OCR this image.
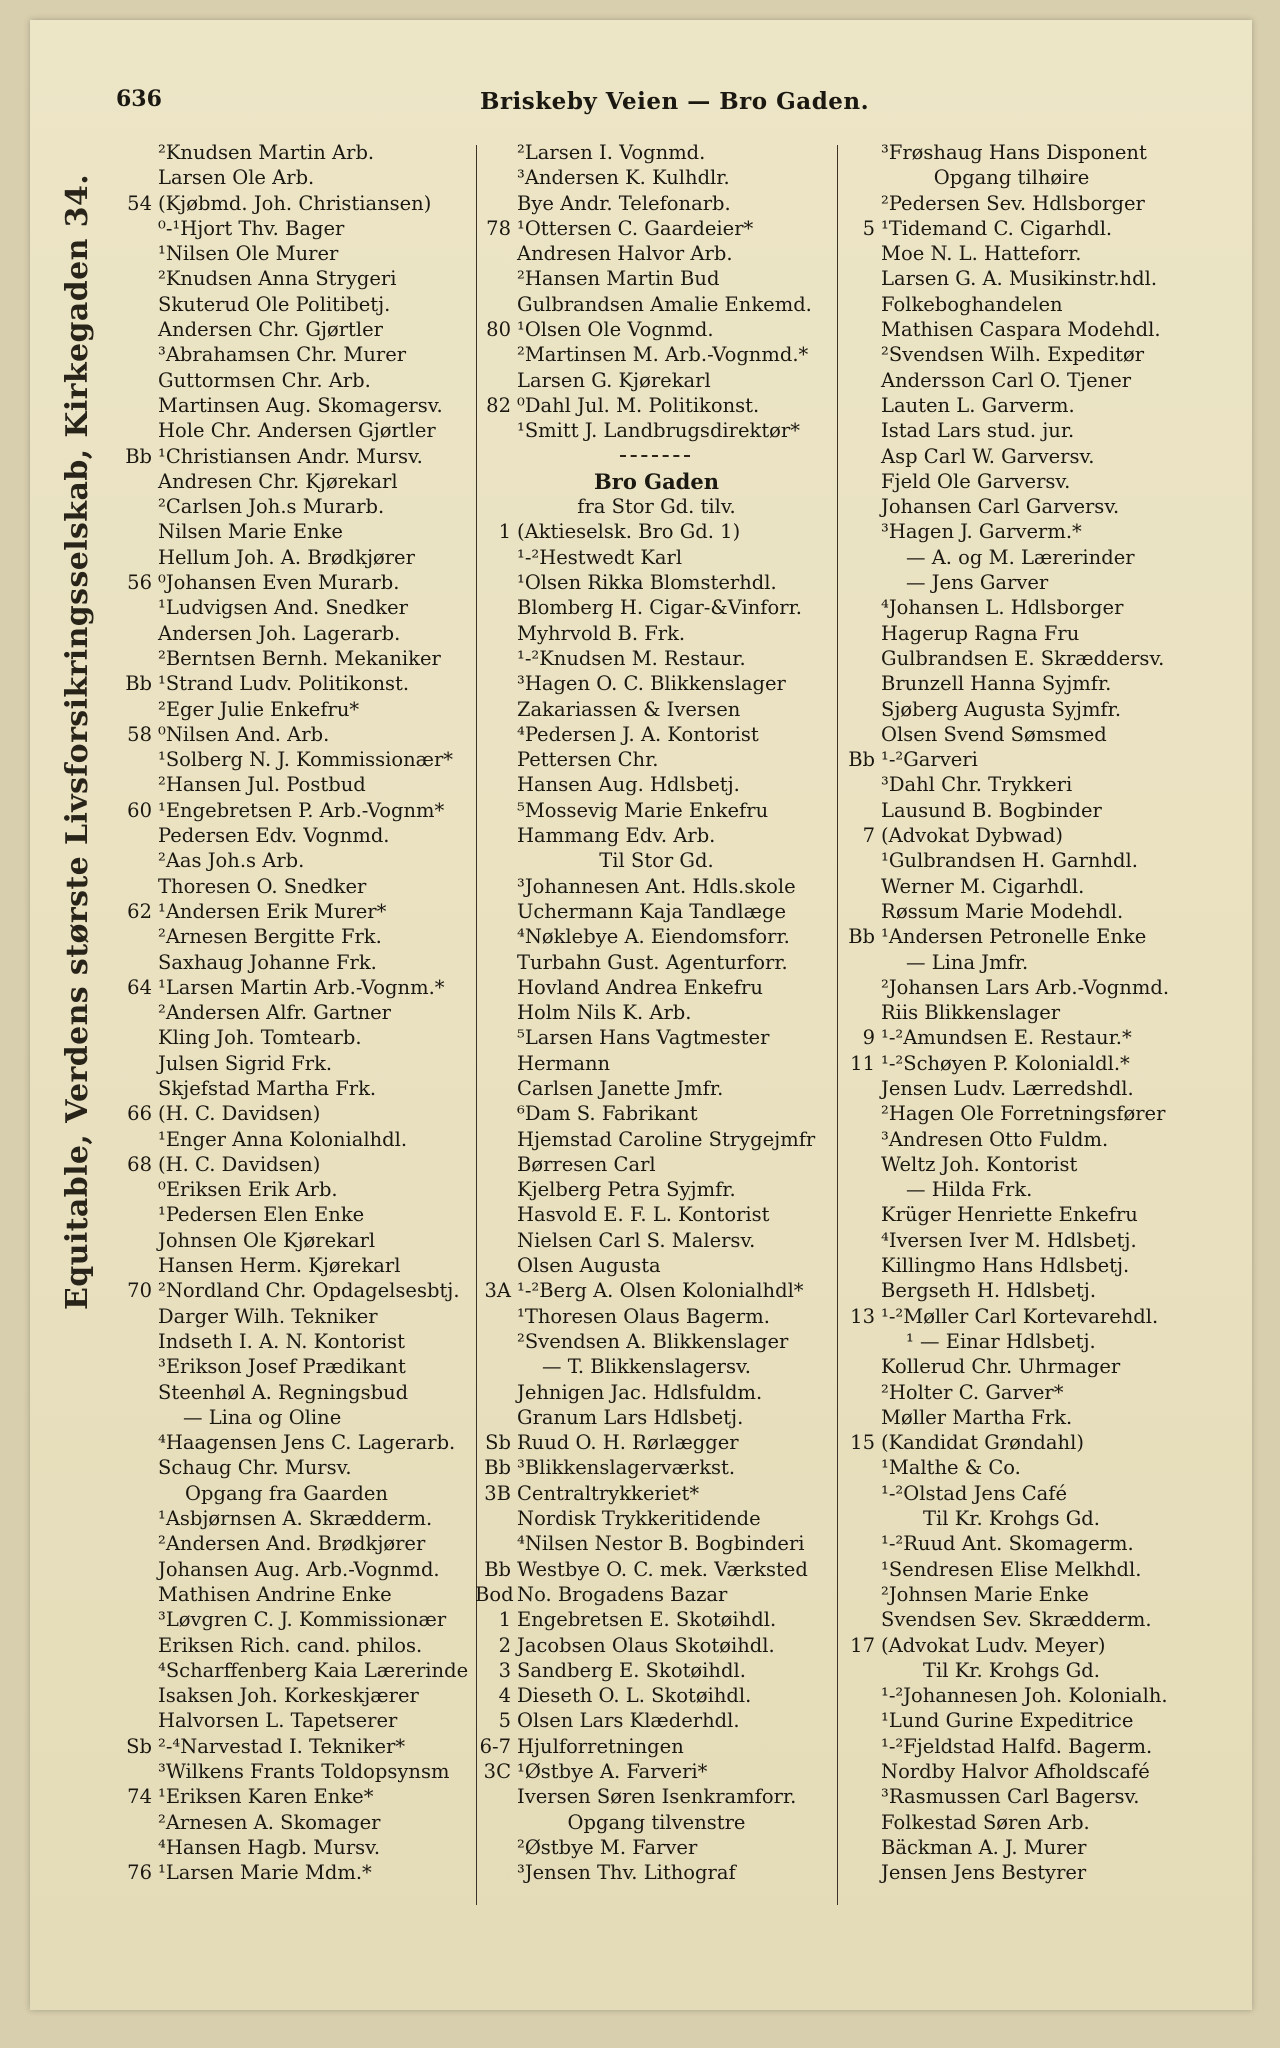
636	Briskeby Veien — Bro Gaden.
²Knudsen Martin Arb.
Larsen Ole Arb.
54 (Kjøbmd. Joh. Christiansen)
⁰-¹Hjort Thv. Bager
¹Nilsen Ole Murer
²Knudsen Anna Strygeri
Skuterud Ole Politibetj.
Andersen Chr. Gjørtler
³Abrahamsen Chr. Murer
Guttormsen Chr. Arb.
Martinsen Aug. Skomagersv.
Hole Chr. Andersen Gjørtler
Bb ¹Christiansen Andr. Mursv.
Andresen Chr. Kjørekarl
²Carlsen Joh.s Murarb.
Nilsen Marie Enke
Hellum Joh. A. Brødkjører
56 ⁰Johansen Even Murarb.
¹Ludvigsen And. Snedker
Andersen Joh. Lagerarb.
²Berntsen Bernh. Mekaniker
Bb ¹Strand Ludv. Politikonst.
²Eger Julie Enkefru*
58 ⁰Nilsen And. Arb.
¹Solberg N. J. Kommissionær*
²Hansen Jul. Postbud
60 ¹Engebretsen P. Arb.-Vognm*
Pedersen Edv. Vognmd.
²Aas Joh.s Arb.
Thoresen O. Snedker
62 ¹Andersen Erik Murer*
²Arnesen Bergitte Frk.
Saxhaug Johanne Frk.
64 ¹Larsen Martin Arb.-Vognm.*
²Andersen Alfr. Gartner
Kling Joh. Tomtearb.
Julsen Sigrid Frk.
Skjefstad Martha Frk.
66 (H. C. Davidsen)
¹Enger Anna Kolonialhdl.
68 (H. C. Davidsen)
⁰Eriksen Erik Arb.
¹Pedersen Elen Enke
Johnsen Ole Kjørekarl
Hansen Herm. Kjørekarl
70 ²Nordland Chr. Opdagelsesbtj.
Darger Wilh. Tekniker
Indseth I. A. N. Kontorist
³Erikson Josef Prædikant
Steenhøl A. Regningsbud
— Lina og Oline
⁴Haagensen Jens C. Lagerarb.
Schaug Chr. Mursv.
Opgang fra Gaarden
¹Asbjørnsen A. Skrædderm.
²Andersen And. Brødkjører
Johansen Aug. Arb.-Vognmd.
Mathisen Andrine Enke
³Løvgren C. J. Kommissionær
Eriksen Rich. cand. philos.
⁴Scharffenberg Kaia Lærerinde
Isaksen Joh. Korkeskjærer
Halvorsen L. Tapetserer
Sb ²-⁴Narvestad I. Tekniker*
³Wilkens Frants Toldopsynsm
74 ¹Eriksen Karen Enke*
²Arnesen A. Skomager
⁴Hansen Hagb. Mursv.
76 ¹Larsen Marie Mdm.*
²Larsen I. Vognmd.
³Andersen K. Kulhdlr.
Bye Andr. Telefonarb.
78 ¹Ottersen C. Gaardeier*
Andresen Halvor Arb.
²Hansen Martin Bud
Gulbrandsen Amalie Enkemd.
80 ¹Olsen Ole Vognmd.
²Martinsen M. Arb.-Vognmd.*
Larsen G. Kjørekarl
82 ⁰Dahl Jul. M. Politikonst.
¹Smitt J. Landbrugsdirektør*
Bro Gaden
fra Stor Gd. tilv.
1 (Aktieselsk. Bro Gd. 1)
¹-²Hestwedt Karl
¹Olsen Rikka Blomsterhdl.
Blomberg H. Cigar-&Vinforr.
Myhrvold B. Frk.
¹-²Knudsen M. Restaur.
³Hagen O. C. Blikkenslager
Zakariassen & Iversen
⁴Pedersen J. A. Kontorist
Pettersen Chr.
Hansen Aug. Hdlsbetj.
⁵Mossevig Marie Enkefru
Hammang Edv. Arb.
Til Stor Gd.
³Johannesen Ant. Hdls.skole
Uchermann Kaja Tandlæge
⁴Nøklebye A. Eiendomsforr.
Turbahn Gust. Agenturforr.
Hovland Andrea Enkefru
Holm Nils K. Arb.
⁵Larsen Hans Vagtmester
Hermann
Carlsen Janette Jmfr.
⁶Dam S. Fabrikant
Hjemstad Caroline Strygejmfr
Børresen Carl
Kjelberg Petra Syjmfr.
Hasvold E. F. L. Kontorist
Nielsen Carl S. Malersv.
Olsen Augusta
3A ¹-²Berg A. Olsen Kolonialhdl*
¹Thoresen Olaus Bagerm.
²Svendsen A. Blikkenslager
— T. Blikkenslagersv.
Jehnigen Jac. Hdlsfuldm.
Granum Lars Hdlsbetj.
Sb Ruud O. H. Rørlægger
Bb ³Blikkenslagerværkst.
3B Centraltrykkeriet*
Nordisk Trykkeritidende
⁴Nilsen Nestor B. Bogbinderi
Bb Westbye O. C. mek. Værksted
Bod No. Brogadens Bazar
1 Engebretsen E. Skotøihdl.
2 Jacobsen Olaus Skotøihdl.
3 Sandberg E. Skotøihdl.
4 Dieseth O. L. Skotøihdl.
5 Olsen Lars Klæderhdl.
6-7 Hjulforretningen
3C ¹Østbye A. Farveri*
Iversen Søren Isenkramforr.
Opgang tilvenstre
²Østbye M. Farver
³Jensen Thv. Lithograf
³Frøshaug Hans Disponent
Opgang tilhøire
²Pedersen Sev. Hdlsborger
5 ¹Tidemand C. Cigarhdl.
Moe N. L. Hatteforr.
Larsen G. A. Musikinstr.hdl.
Folkeboghandelen
Mathisen Caspara Modehdl.
²Svendsen Wilh. Expeditør
Andersson Carl O. Tjener
Lauten L. Garverm.
Istad Lars stud. jur.
Asp Carl W. Garversv.
Fjeld Ole Garversv.
Johansen Carl Garversv.
³Hagen J. Garverm.*
— A. og M. Lærerinder
— Jens Garver
⁴Johansen L. Hdlsborger
Hagerup Ragna Fru
Gulbrandsen E. Skræddersv.
Brunzell Hanna Syjmfr.
Sjøberg Augusta Syjmfr.
Olsen Svend Sømsmed
Bb ¹-²Garveri
³Dahl Chr. Trykkeri
Lausund B. Bogbinder
7 (Advokat Dybwad)
¹Gulbrandsen H. Garnhdl.
Werner M. Cigarhdl.
Røssum Marie Modehdl.
Bb ¹Andersen Petronelle Enke
— Lina Jmfr.
²Johansen Lars Arb.-Vognmd.
Riis Blikkenslager
9 ¹-²Amundsen E. Restaur.*
11 ¹-²Schøyen P. Kolonialdl.*
Jensen Ludv. Lærredshdl.
²Hagen Ole Forretningsfører
³Andresen Otto Fuldm.
Weltz Joh. Kontorist
— Hilda Frk.
Krüger Henriette Enkefru
⁴Iversen Iver M. Hdlsbetj.
Killingmo Hans Hdlsbetj.
Bergseth H. Hdlsbetj.
13 ¹-²Møller Carl Kortevarehdl.
¹ — Einar Hdlsbetj.
Kollerud Chr. Uhrmager
²Holter C. Garver*
Møller Martha Frk.
15 (Kandidat Grøndahl)
¹Malthe & Co.
¹-²Olstad Jens Café
Til Kr. Krohgs Gd.
¹-²Ruud Ant. Skomagerm.
¹Sendresen Elise Melkhdl.
²Johnsen Marie Enke
Svendsen Sev. Skrædderm.
17 (Advokat Ludv. Meyer)
Til Kr. Krohgs Gd.
¹-²Johannesen Joh. Kolonialh.
¹Lund Gurine Expeditrice
¹-²Fjeldstad Halfd. Bagerm.
Nordby Halvor Afholdscafé
³Rasmussen Carl Bagersv.
Folkestad Søren Arb.
Bäckman A. J. Murer
Jensen Jens Bestyrer
Equitable, Verdens største Livsforsikringsselskab, Kirkegaden 34.
